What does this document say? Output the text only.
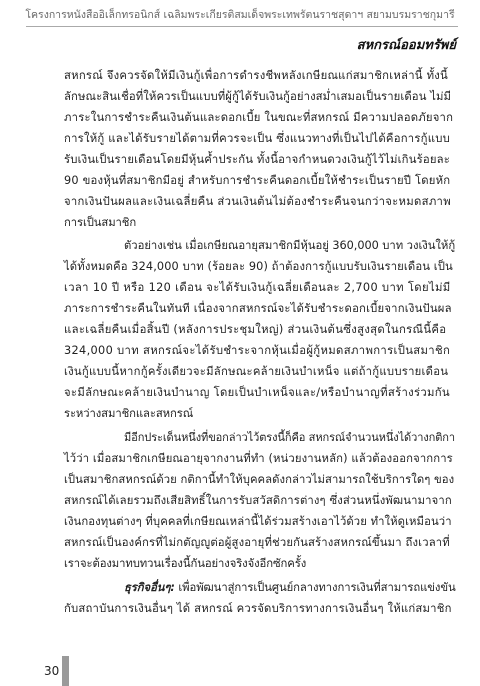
โครงการหนังสืออิเล็กทรอนิกส์ เฉลิมพระเกียรติสมเด็จพระเทพรัตนราชสุดาฯ สยามบรมราชกุมารี
สหกรณ์ออมทรัพย์
สหกรณ์ จึงควรจัดให้มีเงินกู้เพื่อการดำรงชีพหลังเกษียณแก่สมาชิกเหล่านี้ ทั้งนี้
ลักษณะสินเชื่อที่ให้ควรเป็นแบบที่ผู้กู้ได้รับเงินกู้อย่างสม่ำเสมอเป็นรายเดือน ไม่มี
ภาระในการชำระคืนเงินต้นและดอกเบี้ย ในขณะที่สหกรณ์ มีความปลอดภัยจาก
การให้กู้ และได้รับรายได้ตามที่ควรจะเป็น ซึ่งแนวทางที่เป็นไปได้คือการกู้แบบ
รับเงินเป็นรายเดือนโดยมีหุ้นค้ำประกัน ทั้งนี้อาจกำหนดวงเงินกู้ไว้ไม่เกินร้อยละ
90 ของหุ้นที่สมาชิกมีอยู่ สำหรับการชำระคืนดอกเบี้ยให้ชำระเป็นรายปี โดยหัก
จากเงินปันผลและเงินเฉลี่ยคืน ส่วนเงินต้นไม่ต้องชำระคืนจนกว่าจะหมดสภาพ
การเป็นสมาชิก
ตัวอย่างเช่น เมื่อเกษียณอายุสมาชิกมีหุ้นอยู่ 360,000 บาท วงเงินให้กู้
ได้ทั้งหมดคือ 324,000 บาท (ร้อยละ 90) ถ้าต้องการกู้แบบรับเงินรายเดือน เป็น
เวลา 10 ปี หรือ 120 เดือน จะได้รับเงินกู้เฉลี่ยเดือนละ 2,700 บาท โดยไม่มี
ภาระการชำระคืนในทันที เนื่องจากสหกรณ์จะได้รับชำระดอกเบี้ยจากเงินปันผล
และเฉลี่ยคืนเมื่อสิ้นปี (หลังการประชุมใหญ่) ส่วนเงินต้นซึ่งสูงสุดในกรณีนี้คือ
324,000 บาท สหกรณ์จะได้รับชำระจากหุ้นเมื่อผู้กู้หมดสภาพการเป็นสมาชิก
เงินกู้แบบนี้หากกู้ครั้งเดียวจะมีลักษณะคล้ายเงินบำเหน็จ แต่ถ้ากู้แบบรายเดือน
จะมีลักษณะคล้ายเงินบำนาญ โดยเป็นบำเหน็จและ/หรือบำนาญที่สร้างร่วมกัน
ระหว่างสมาชิกและสหกรณ์
มีอีกประเด็นหนึ่งที่ขอกล่าวไว้ตรงนี้ก็คือ สหกรณ์จำนวนหนึ่งได้วางกติกา
ไว้ว่า เมื่อสมาชิกเกษียณอายุจากงานที่ทำ (หน่วยงานหลัก) แล้วต้องออกจากการ
เป็นสมาชิกสหกรณ์ด้วย กติกานี้ทำให้บุคคลดังกล่าวไม่สามารถใช้บริการใดๆ ของ
สหกรณ์ได้เลยรวมถึงเสียสิทธิ์ในการรับสวัสดิการต่างๆ ซึ่งส่วนหนึ่งพัฒนามาจาก
เงินกองทุนต่างๆ ที่บุคคลที่เกษียณเหล่านี้ได้ร่วมสร้างเอาไว้ด้วย ทำให้ดูเหมือนว่า
สหกรณ์เป็นองค์กรที่ไม่กตัญญูต่อผู้สูงอายุที่ช่วยกันสร้างสหกรณ์ขึ้นมา ถึงเวลาที่
เราจะต้องมาทบทวนเรื่องนี้กันอย่างจริงจังอีกซักครั้ง
ธุรกิจอื่นๆ: เพื่อพัฒนาสู่การเป็นศูนย์กลางทางการเงินที่สามารถแข่งขัน
กับสถาบันการเงินอื่นๆ ได้ สหกรณ์ ควรจัดบริการทางการเงินอื่นๆ ให้แก่สมาชิก
30
